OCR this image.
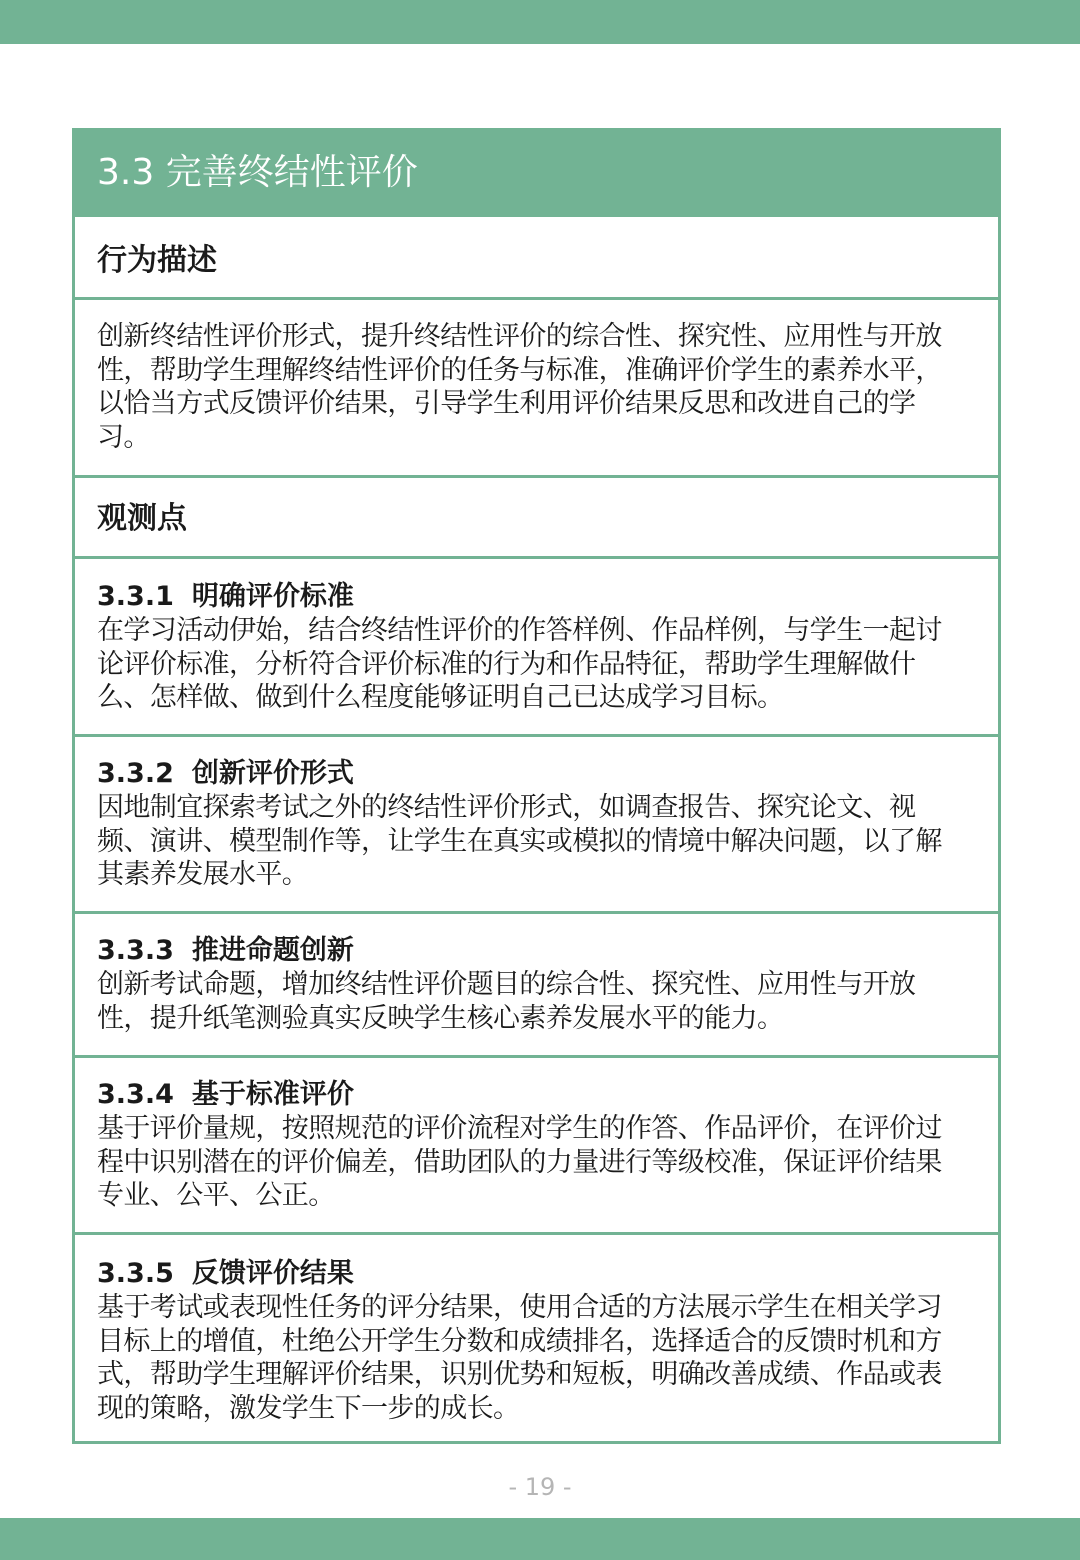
3.3 完善终结性评价
行为描述
创新终结性评价形式，提升终结性评价的综合性、探究性、应用性与开放性，帮助学生理解终结性评价的任务与标准，准确评价学生的素养水平，以恰当方式反馈评价结果，引导学生利用评价结果反思和改进自己的学习。
观测点
3.3.1 明确评价标准
在学习活动伊始，结合终结性评价的作答样例、作品样例，与学生一起讨论评价标准，分析符合评价标准的行为和作品特征，帮助学生理解做什么、怎样做、做到什么程度能够证明自己已达成学习目标。
3.3.2 创新评价形式
因地制宜探索考试之外的终结性评价形式，如调查报告、探究论文、视频、演讲、模型制作等，让学生在真实或模拟的情境中解决问题，以了解其素养发展水平。
3.3.3 推进命题创新
创新考试命题，增加终结性评价题目的综合性、探究性、应用性与开放性，提升纸笔测验真实反映学生核心素养发展水平的能力。
3.3.4 基于标准评价
基于评价量规，按照规范的评价流程对学生的作答、作品评价，在评价过程中识别潜在的评价偏差，借助团队的力量进行等级校准，保证评价结果专业、公平、公正。
3.3.5 反馈评价结果
基于考试或表现性任务的评分结果，使用合适的方法展示学生在相关学习目标上的增值，杜绝公开学生分数和成绩排名，选择适合的反馈时机和方式，帮助学生理解评价结果，识别优势和短板，明确改善成绩、作品或表现的策略，激发学生下一步的成长。
- 19 -
